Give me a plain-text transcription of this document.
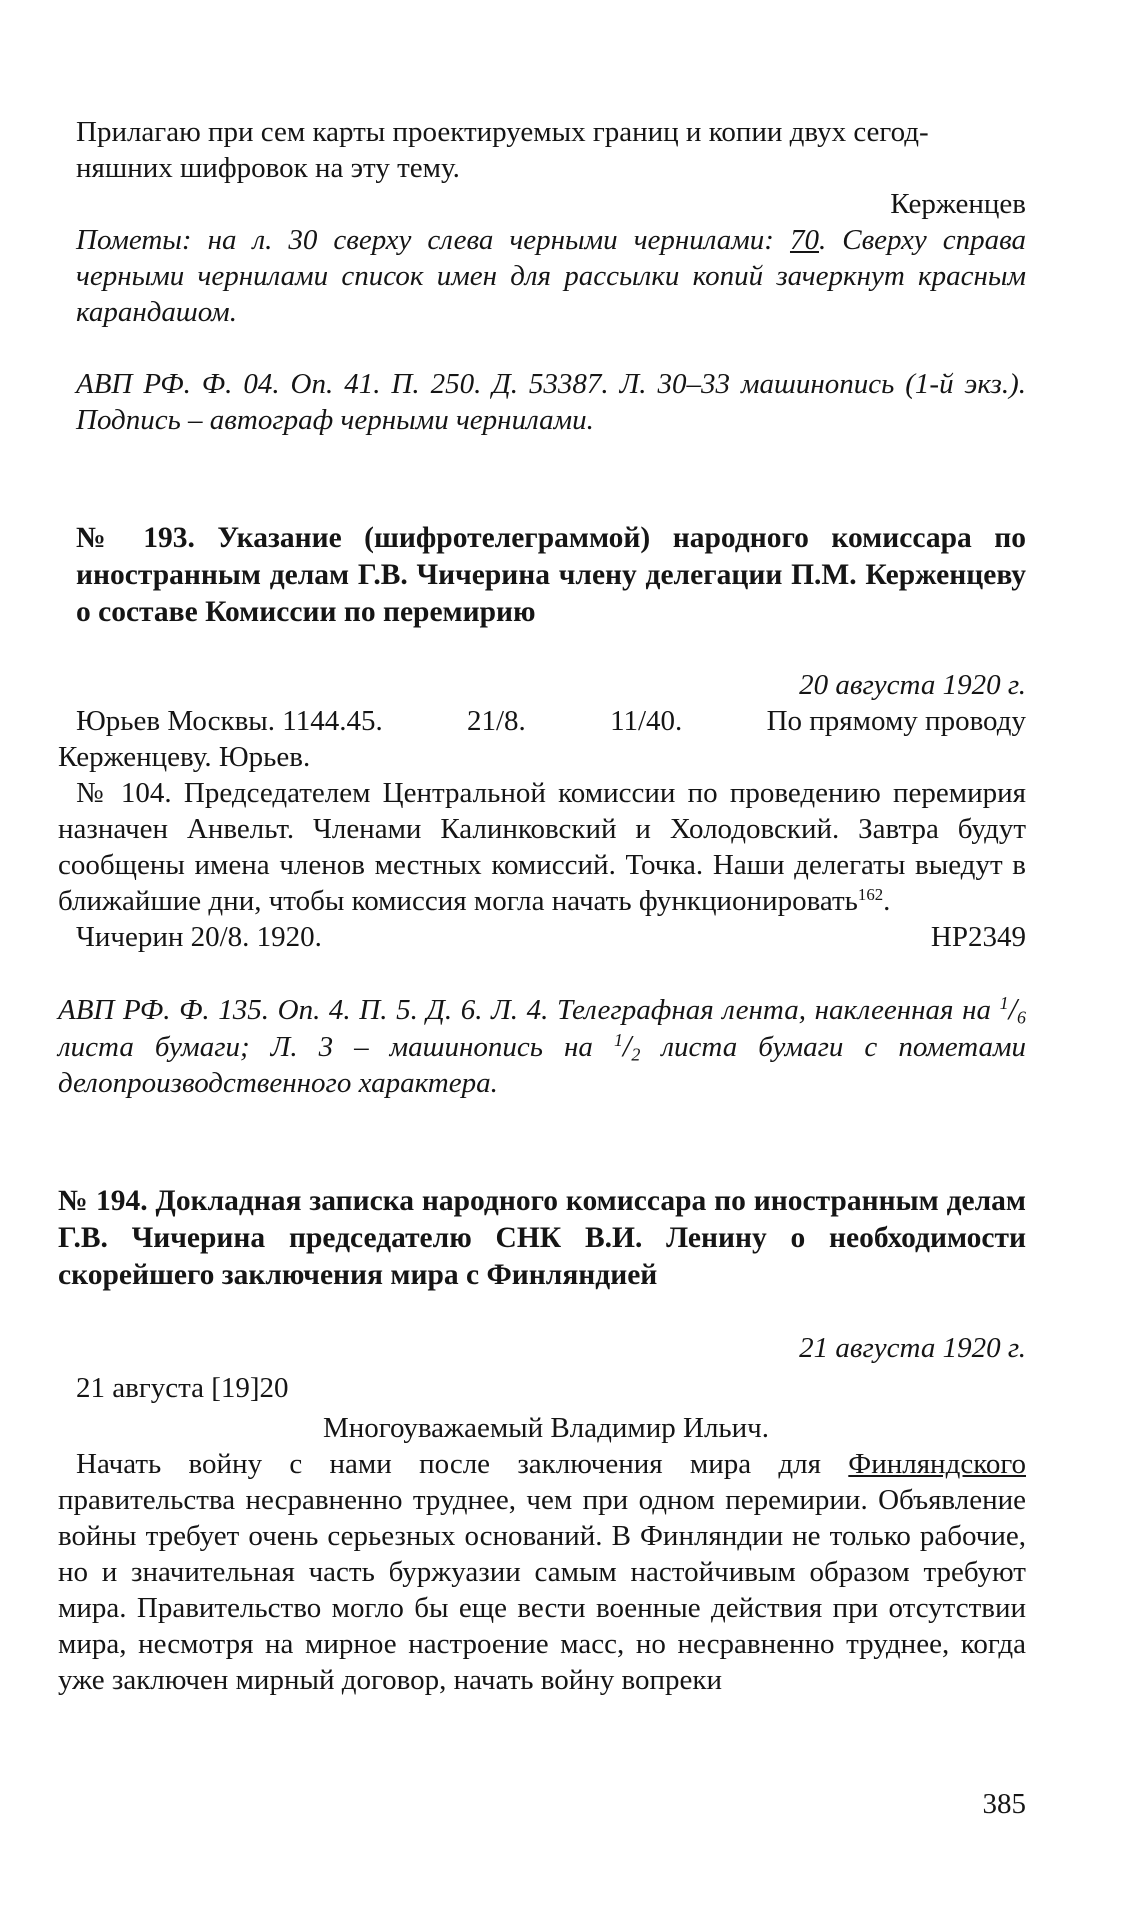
Прилагаю при сем карты проектируемых границ и копии двух сегод-

няшних шифровок на эту тему.

Керженцев

Пометы: на л. 30 сверху слева черными чернилами: 70. Сверху справа черными чернилами список имен для рассылки копий зачеркнут красным карандашом.

АВП РФ. Ф. 04. Оп. 41. П. 250. Д. 53387. Л. 30–33 машинопись (1-й экз.). Подпись – автограф черными чернилами.

№ 193. Указание (шифротелеграммой) народного комиссара по иностранным делам Г.В. Чичерина члену делегации П.М. Керженцеву о составе Комиссии по перемирию

20 августа 1920 г.

Юрьев Москвы. 1144.45.	21/8.	11/40.	По прямому проводу

Керженцеву. Юрьев.

№ 104. Председателем Центральной комиссии по проведению перемирия назначен Анвельт. Членами Калинковский и Холодовский. Завтра будут сообщены имена членов местных комиссий. Точка. Наши делегаты выедут в ближайшие дни, чтобы комиссия могла начать функционировать$^{162}$.

Чичерин 20/8. 1920.	НР2349

АВП РФ. Ф. 135. Оп. 4. П. 5. Д. 6. Л. 4. Телеграфная лента, наклеенная на $^1/_6$ листа бумаги; Л. 3 – машинопись на $^1/_2$ листа бумаги с пометами делопроизводственного характера.

№ 194. Докладная записка народного комиссара по иностранным делам Г.В. Чичерина председателю СНК В.И. Ленину о необходимости скорейшего заключения мира с Финляндией

21 августа 1920 г.

21 августа [19]20

Многоуважаемый Владимир Ильич.

Начать войну с нами после заключения мира для Финляндского правительства несравненно труднее, чем при одном перемирии. Объявление войны требует очень серьезных оснований. В Финляндии не только рабочие, но и значительная часть буржуазии самым настойчивым образом требуют мира. Правительство могло бы еще вести военные действия при отсутствии мира, несмотря на мирное настроение масс, но несравненно труднее, когда уже заключен мирный договор, начать войну вопреки

385
